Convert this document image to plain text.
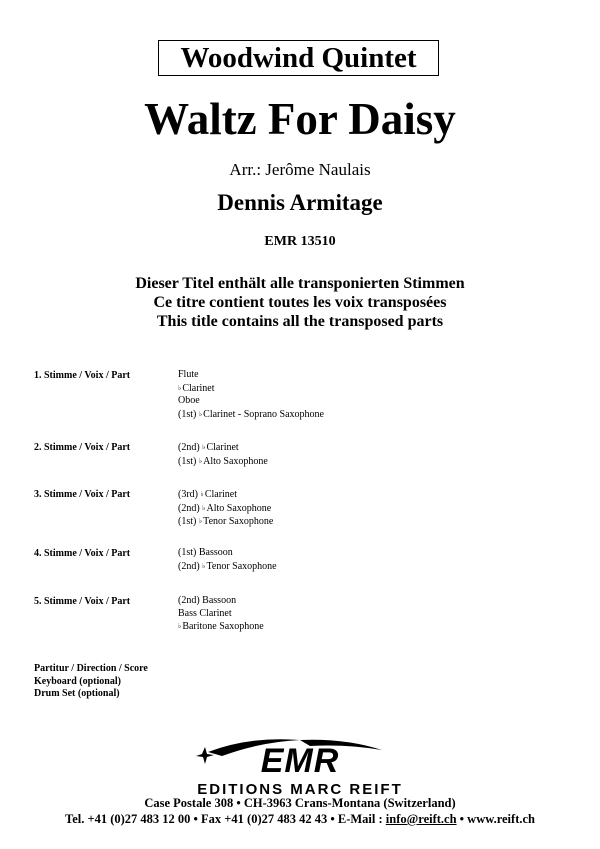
Woodwind Quintet
Waltz For Daisy
Arr.: Jerôme Naulais
Dennis Armitage
EMR 13510
Dieser Titel enthält alle transponierten Stimmen
Ce titre contient toutes les voix transposées
This title contains all the transposed parts
1. Stimme / Voix / Part	Flute
♭Clarinet
Oboe
(1st) ♭Clarinet - Soprano Saxophone
2. Stimme / Voix / Part	(2nd) ♭Clarinet
(1st) ♭Alto Saxophone
3. Stimme / Voix / Part	(3rd) ♭Clarinet
(2nd) ♭Alto Saxophone
(1st) ♭Tenor Saxophone
4. Stimme / Voix / Part	(1st) Bassoon
(2nd) ♭Tenor Saxophone
5. Stimme / Voix / Part	(2nd) Bassoon
Bass Clarinet
♭Baritone Saxophone
Partitur / Direction / Score
Keyboard (optional)
Drum Set (optional)
EMR
EDITIONS MARC REIFT
Case Postale 308 • CH-3963 Crans-Montana (Switzerland)
Tel. +41 (0)27 483 12 00 • Fax +41 (0)27 483 42 43 • E-Mail : info@reift.ch • www.reift.ch
